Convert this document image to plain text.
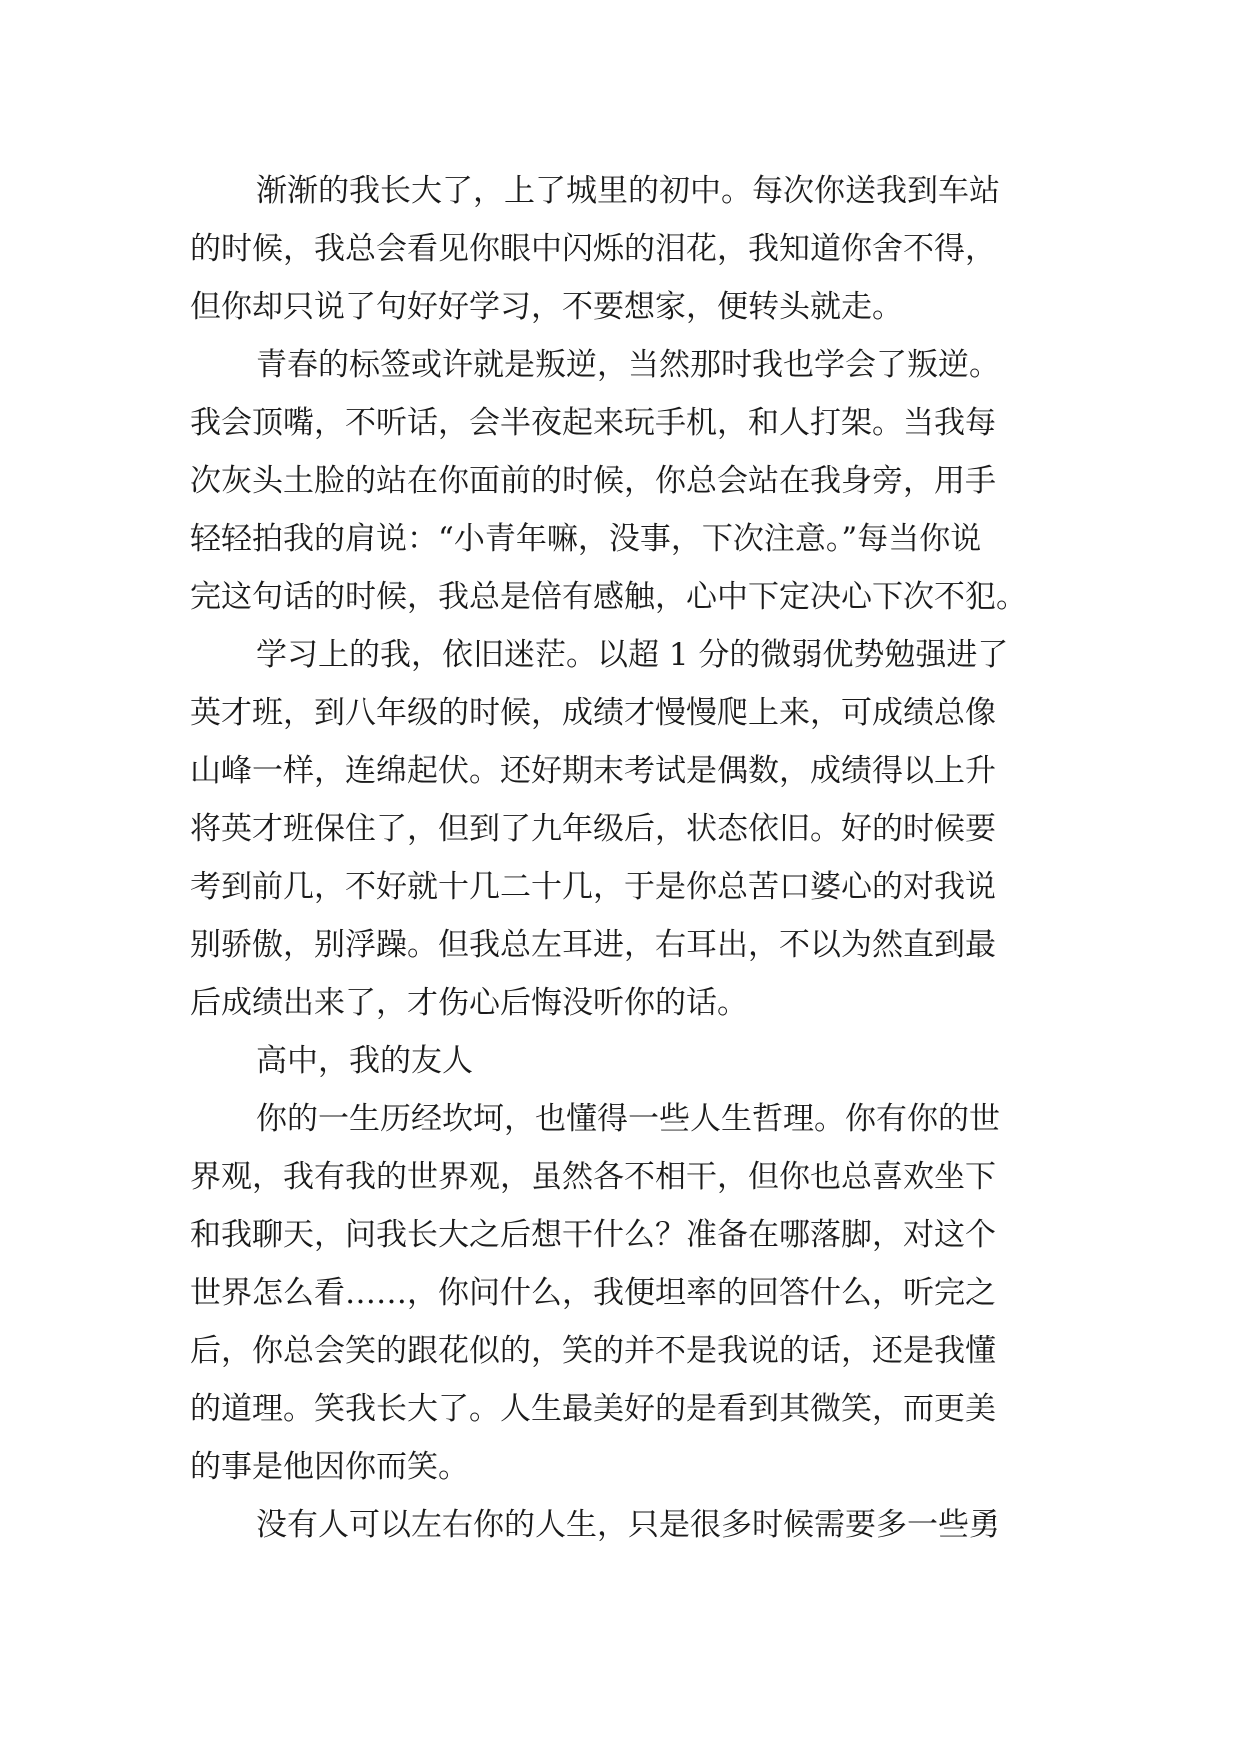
渐渐的我长大了，上了城里的初中。每次你送我到车站
的时候，我总会看见你眼中闪烁的泪花，我知道你舍不得，
但你却只说了句好好学习，不要想家，便转头就走。
青春的标签或许就是叛逆，当然那时我也学会了叛逆。
我会顶嘴，不听话，会半夜起来玩手机，和人打架。当我每
次灰头土脸的站在你面前的时候，你总会站在我身旁，用手
轻轻拍我的肩说：“小青年嘛，没事，下次注意。”每当你说
完这句话的时候，我总是倍有感触，心中下定决心下次不犯。
学习上的我，依旧迷茫。以超 1 分的微弱优势勉强进了
英才班，到八年级的时候，成绩才慢慢爬上来，可成绩总像
山峰一样，连绵起伏。还好期末考试是偶数，成绩得以上升
将英才班保住了，但到了九年级后，状态依旧。好的时候要
考到前几，不好就十几二十几，于是你总苦口婆心的对我说
别骄傲，别浮躁。但我总左耳进，右耳出，不以为然直到最
后成绩出来了，才伤心后悔没听你的话。
高中，我的友人
你的一生历经坎坷，也懂得一些人生哲理。你有你的世
界观，我有我的世界观，虽然各不相干，但你也总喜欢坐下
和我聊天，问我长大之后想干什么？准备在哪落脚，对这个
世界怎么看……，你问什么，我便坦率的回答什么，听完之
后，你总会笑的跟花似的，笑的并不是我说的话，还是我懂
的道理。笑我长大了。人生最美好的是看到其微笑，而更美
的事是他因你而笑。
没有人可以左右你的人生，只是很多时候需要多一些勇
